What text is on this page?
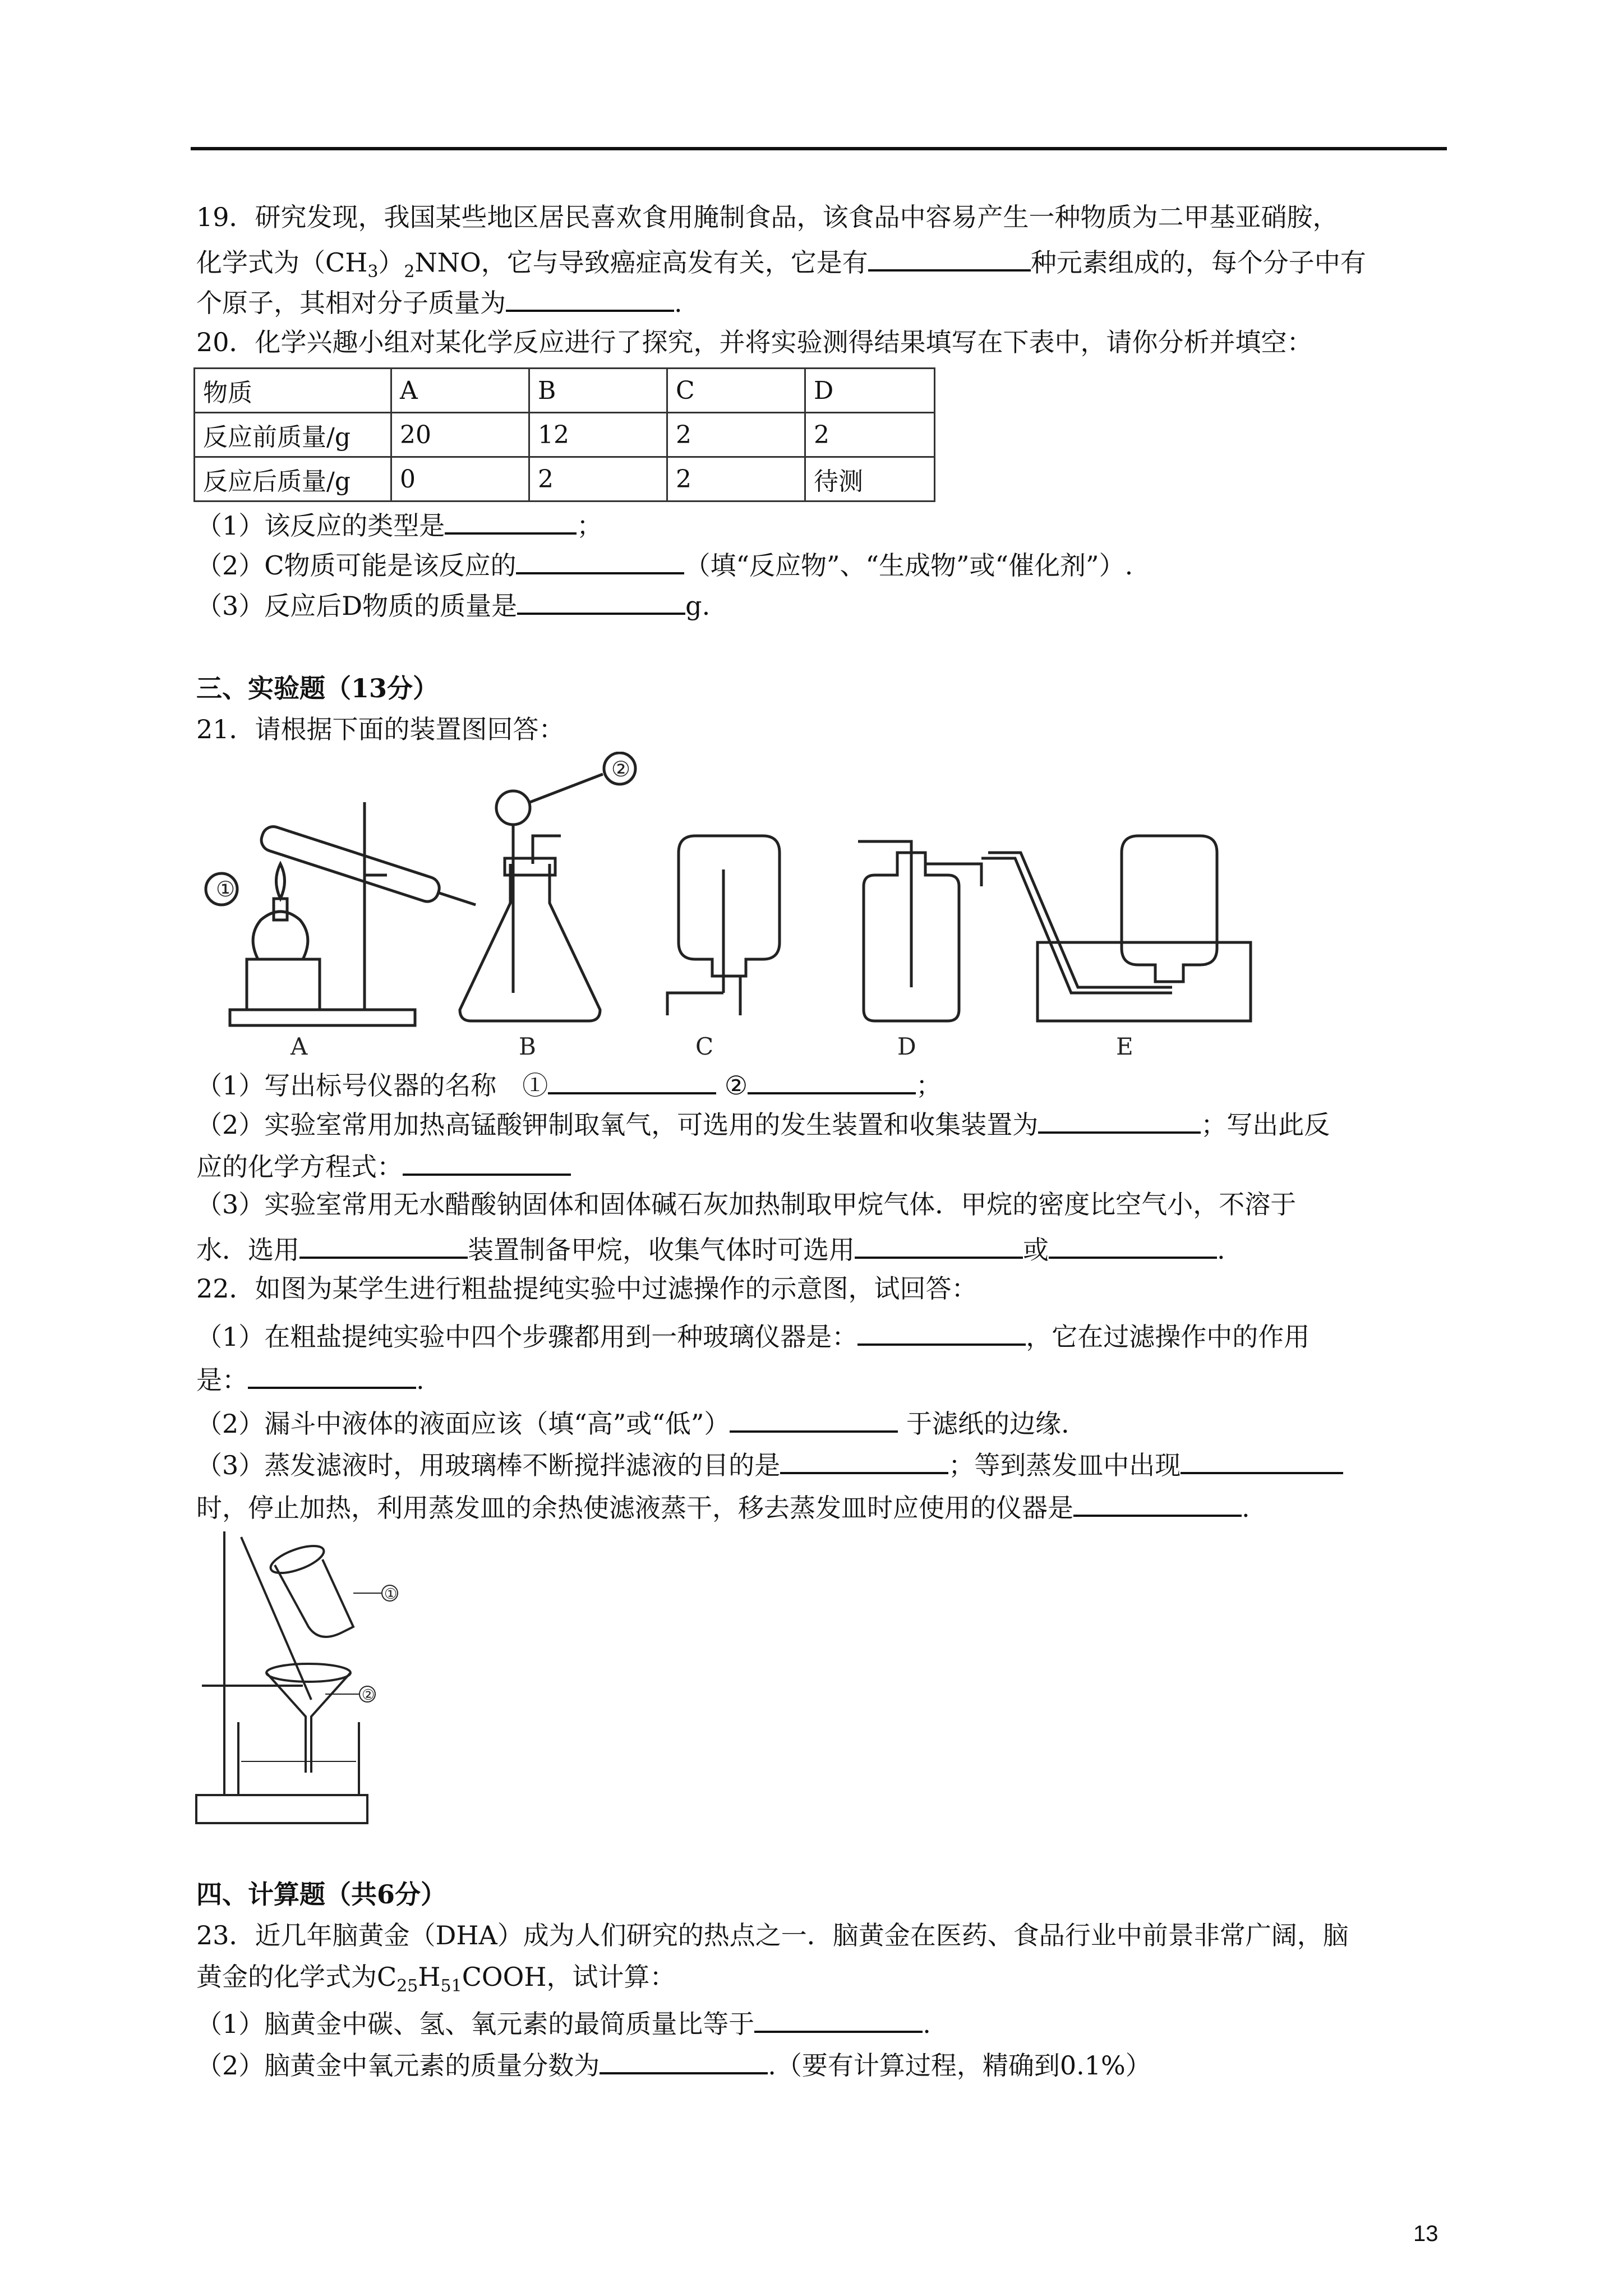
19．研究发现，我国某些地区居民喜欢食用腌制食品，该食品中容易产生一种物质为二甲基亚硝胺，
化学式为$(CH_3)_2NNO$，它与导致癌症高发有关，它是有	种元素组成的，每个分子中有
个原子，其相对分子质量为	.
20．化学兴趣小组对某化学反应进行了探究，并将实验测得结果填写在下表中，请你分析并填空：
物质	A	B	C	D
反应前质量/g	20	12	2	2
反应后质量/g	0	2	2	待测
（1）该反应的类型是	；
（2）C物质可能是该反应的	（填“反应物”、“生成物”或“催化剂”）.
（3）反应后D物质的质量是	g.
三、实验题（13分）
21．请根据下面的装置图回答：
①
A
②
B	C	D	E
（1）写出标号仪器的名称　①	②	；
（2）实验室常用加热高锰酸钾制取氧气，可选用的发生装置和收集装置为	；写出此反
应的化学方程式：
（3）实验室常用无水醋酸钠固体和固体碱石灰加热制取甲烷气体．甲烷的密度比空气小，不溶于
水．选用	装置制备甲烷，收集气体时可选用	或	.
22．如图为某学生进行粗盐提纯实验中过滤操作的示意图，试回答：
（1）在粗盐提纯实验中四个步骤都用到一种玻璃仪器是：	，它在过滤操作中的作用
是：	.
（2）漏斗中液体的液面应该（填“高”或“低”）	于滤纸的边缘.
（3）蒸发滤液时，用玻璃棒不断搅拌滤液的目的是	；等到蒸发皿中出现
时，停止加热，利用蒸发皿的余热使滤液蒸干，移去蒸发皿时应使用的仪器是	.
①
②
四、计算题（共6分）
23．近几年脑黄金（DHA）成为人们研究的热点之一．脑黄金在医药、食品行业中前景非常广阔，脑
黄金的化学式为$C_{25}H_{51}COOH$，试计算：
（1）脑黄金中碳、氢、氧元素的最简质量比等于	.
（2）脑黄金中氧元素的质量分数为	.（要有计算过程，精确到0.1%）
13
